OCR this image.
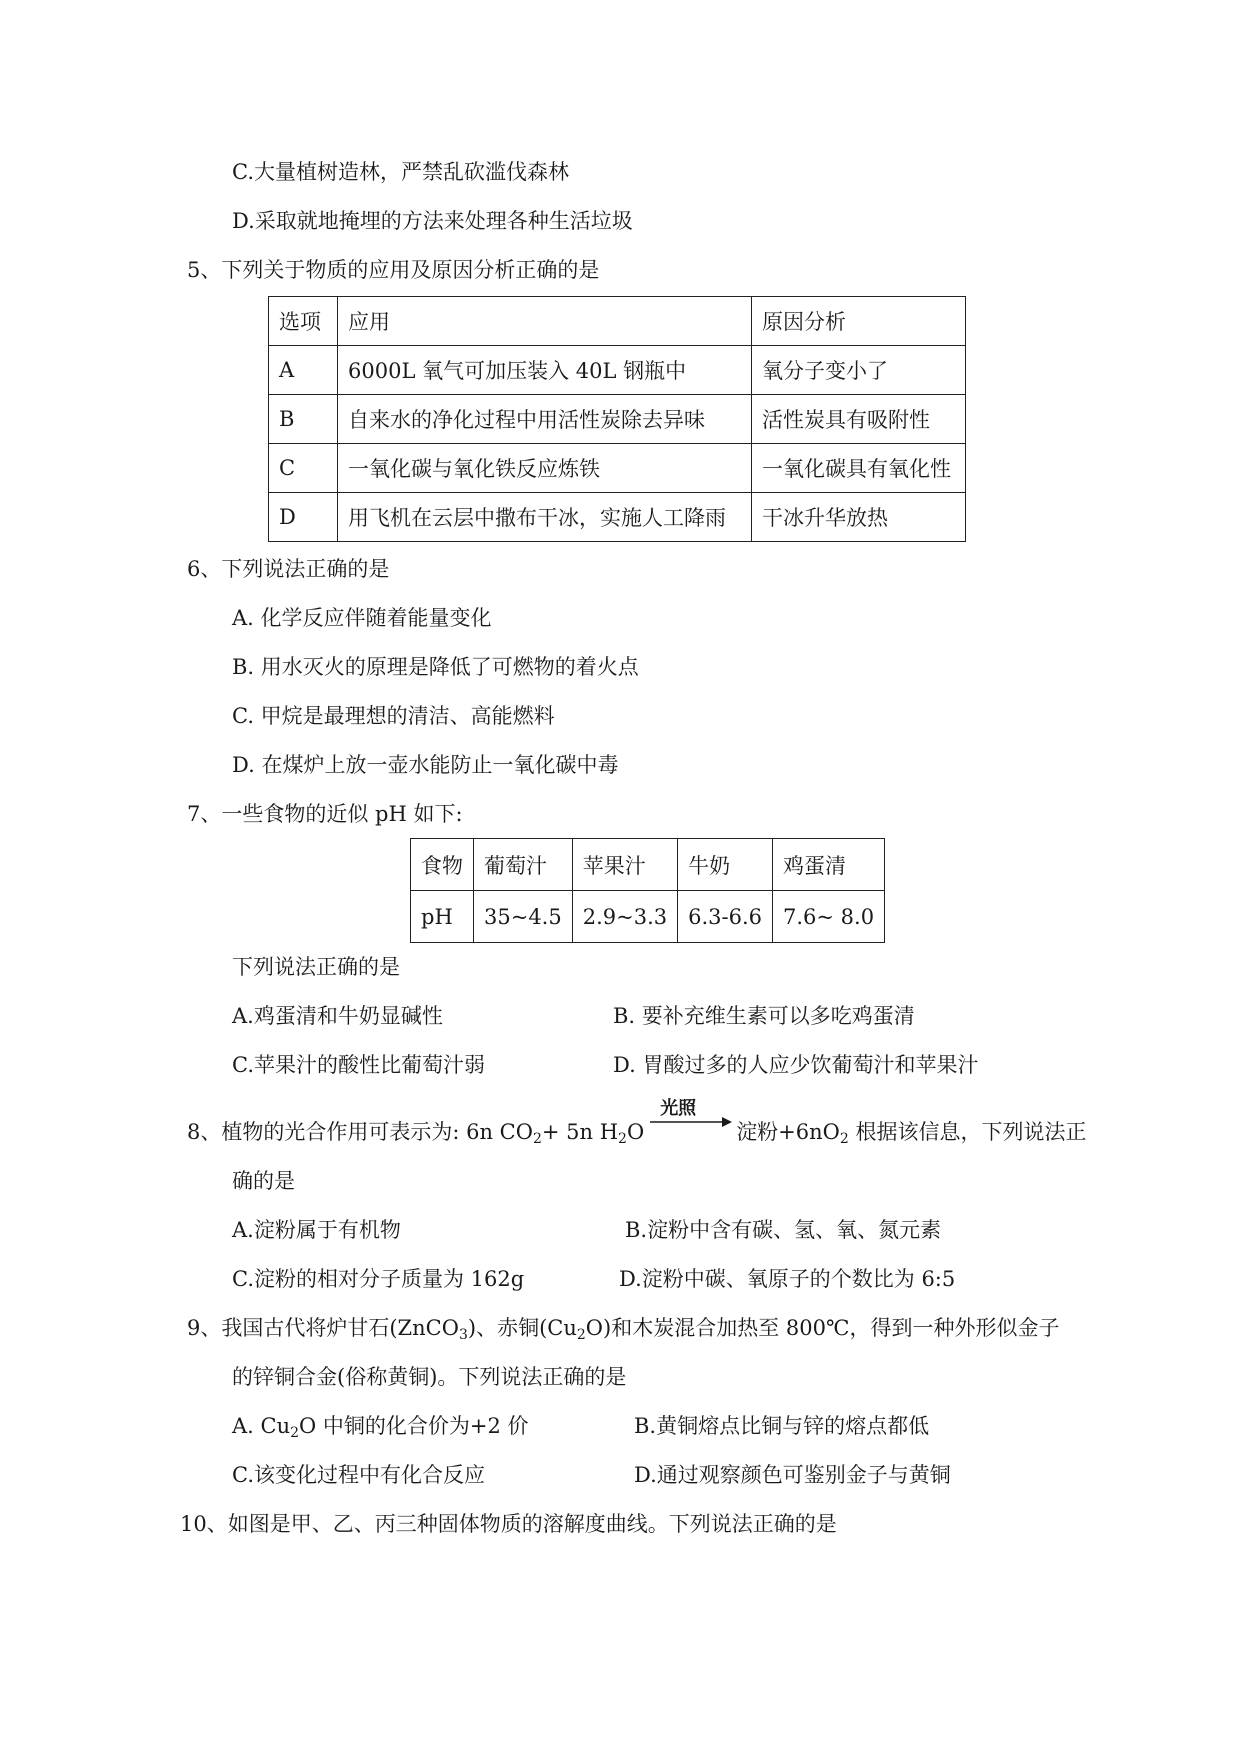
C.大量植树造林，严禁乱砍滥伐森林
D.采取就地掩埋的方法来处理各种生活垃圾
5、下列关于物质的应用及原因分析正确的是
选项	应用	原因分析
A	6000L 氧气可加压装入 40L 钢瓶中	氧分子变小了
B	自来水的净化过程中用活性炭除去异味	活性炭具有吸附性
C	一氧化碳与氧化铁反应炼铁	一氧化碳具有氧化性
D	用飞机在云层中撒布干冰，实施人工降雨	干冰升华放热
6、下列说法正确的是
A. 化学反应伴随着能量变化
B. 用水灭火的原理是降低了可燃物的着火点
C. 甲烷是最理想的清洁、高能燃料
D. 在煤炉上放一壶水能防止一氧化碳中毒
7、一些食物的近似 pH 如下:
食物	葡萄汁	苹果汁	牛奶	鸡蛋清
pH	35~4.5	2.9~3.3	6.3-6.6	7.6~ 8.0
下列说法正确的是
A.鸡蛋清和牛奶显碱性	B. 要补充维生素可以多吃鸡蛋清
C.苹果汁的酸性比葡萄汁弱	D. 胃酸过多的人应少饮葡萄汁和苹果汁
8、植物的光合作用可表示为: 6n $CO_2+ 5n$ $H_2O$
光照
淀粉$+6nO_2$ 根据该信息，下列说法正
确的是
A.淀粉属于有机物	B.淀粉中含有碳、氢、氧、氮元素
C.淀粉的相对分子质量为 162g	D.淀粉中碳、氧原子的个数比为 6:5
9、我国古代将炉甘石(ZnCO$_3$)、赤铜$(Cu_2O)$和木炭混合加热至 800℃，得到一种外形似金子
的锌铜合金(俗称黄铜)。下列说法正确的是
A. $Cu_2O$ 中铜的化合价为+2 价	B.黄铜熔点比铜与锌的熔点都低
C.该变化过程中有化合反应	D.通过观察颜色可鉴别金子与黄铜
10、如图是甲、乙、丙三种固体物质的溶解度曲线。下列说法正确的是
